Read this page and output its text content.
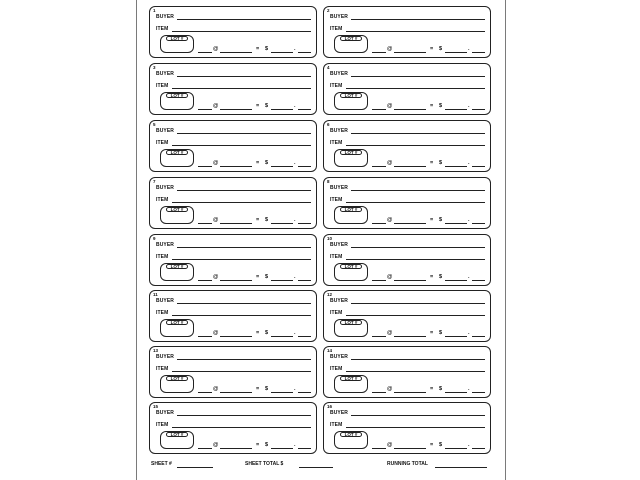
1
BUYER
ITEM
LOT #
@	= $	.
2
BUYER
ITEM
LOT #
@	= $	.
3
BUYER
ITEM
LOT #
@	= $	.
4
BUYER
ITEM
LOT #
@	= $	.
5
BUYER
ITEM
LOT #
@	= $	.
6
BUYER
ITEM
LOT #
@	= $	.
7
BUYER
ITEM
LOT #
@	= $	.
8
BUYER
ITEM
LOT #
@	= $	.
9
BUYER
ITEM
LOT #
@	= $	.
10
BUYER
ITEM
LOT #
@	= $	.
11
BUYER
ITEM
LOT #
@	= $	.
12
BUYER
ITEM
LOT #
@	= $	.
13
BUYER
ITEM
LOT #
@	= $	.
14
BUYER
ITEM
LOT #
@	= $	.
15
BUYER
ITEM
LOT #
@	= $	.
16
BUYER
ITEM
LOT #
@	= $	.
SHEET #	SHEET TOTAL $	RUNNING TOTAL
